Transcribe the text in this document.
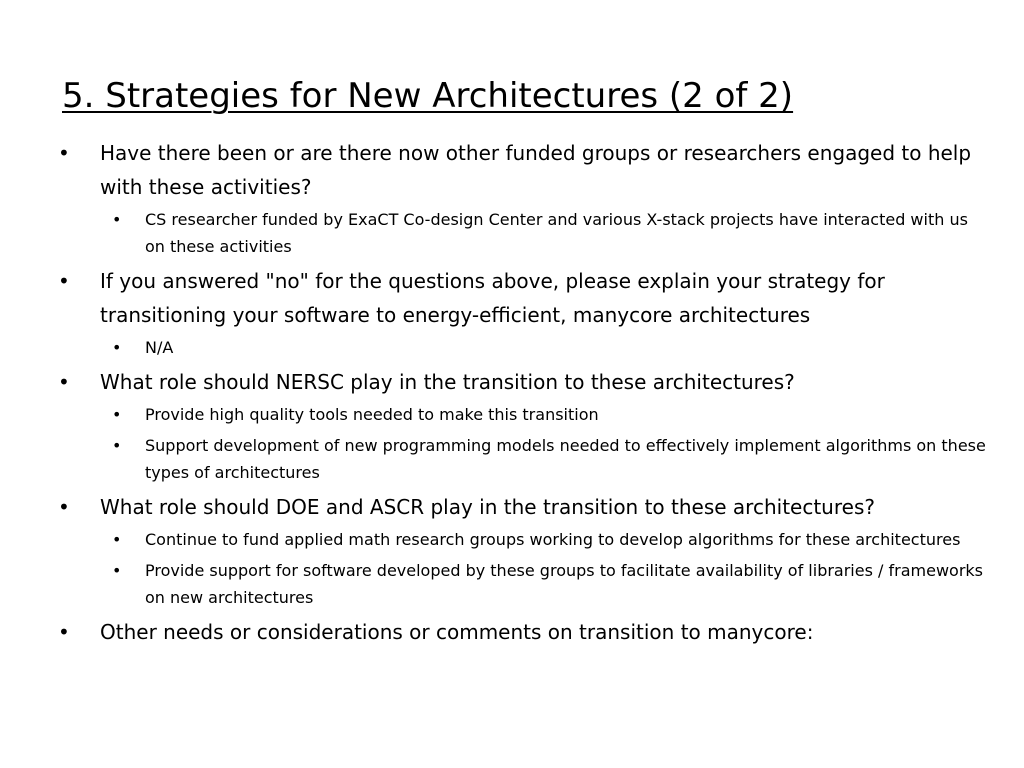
5. Strategies for New Architectures (2 of 2)
•	Have there been or are there now other funded groups or researchers engaged to help with these activities?
• CS researcher funded by ExaCT Co-design Center and various X-stack projects have interacted with us on these activities
•	If you answered "no" for the questions above, please explain your strategy for transitioning your software to energy-efficient, manycore architectures
• N/A
•	What role should NERSC play in the transition to these architectures?
• Provide high quality tools needed to make this transition
• Support development of new programming models needed to effectively implement algorithms on these types of architectures
•	What role should DOE and ASCR play in the transition to these architectures?
• Continue to fund applied math research groups working to develop algorithms for these architectures
• Provide support for software developed by these groups to facilitate availability of libraries / frameworks on new architectures
•	Other needs or considerations or comments on transition to manycore:
